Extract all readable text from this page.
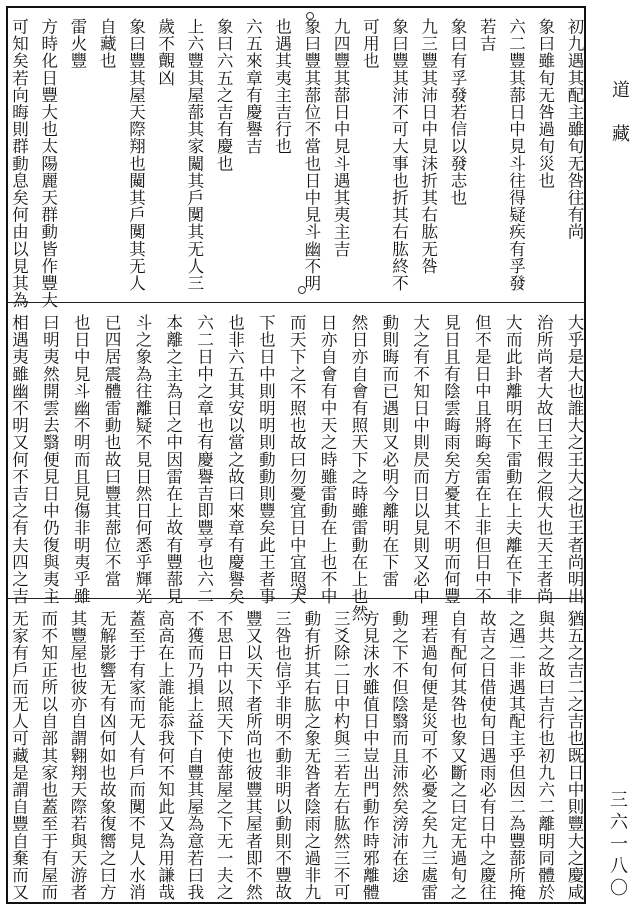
道藏
三六一八〇
初九遇其配主雖旬无咎往有尚
象曰雖旬无咎過旬災也
六二豐其蔀日中見斗往得疑疾有孚發
若吉
象曰有孚發若信以發志也
九三豐其沛日中見沬折其右肱无咎
象曰豐其沛不可大事也折其右肱終不
可用也
九四豐其蔀日中見斗遇其夷主吉
象曰豐其蔀位不當也日中見斗幽不明
也遇其夷主吉行也
六五來章有慶譽吉
象曰六五之吉有慶也
上六豐其屋蔀其家闚其戶闃其无人三
歲不覿凶
象曰豐其屋天際翔也闚其戶闃其无人
自藏也
雷火豐
方時化日豐大也太陽麗天群動皆作豐大
可知矣若向晦則群動息矣何由以見其為
大乎是大也誰大之王大之也王者尚明出
治所尚者大故曰王假之假大也天王者尚
大而此卦離明在下雷動在上夫離在下非
但不是日中且將晦矣雷在上非但日中不
見日且有陰雲晦雨矣方憂其不明而何豐
大之有不知日中則昃而日以見則又必中
動則晦而已遇則又必明今離明在下雷
然日亦自會有照天下之時雖雷動在上也然
日亦自會有中天之時雖雷動在上也不中
而天下之不照也故曰勿憂宜日中宜照天
下也日中則明明則動動則豐矣此王者事
也非六五其安以當之故曰來章有慶譽矣
六二日中之章也有慶譽吉即豐亨也六二
本離之主為日之中因雷在上故有豐蔀見
斗之象為往離疑不見日然日何悉乎輝光
已四居震體雷動也故曰豐其蔀位不當
也日中見斗幽不明而且見傷非明夷乎雖
曰明夷然開雲去翳便見日中仍復與夷主
相遇夷雖幽不明又何不吉之有夫四之吉
猶五之吉二之吉也既日中則豐大之慶咸
與共之故曰吉行也初九六二離明同體於
之遇二非遇其配主乎但因二為豐蔀所掩
故吉之日借使旬日遇雨必有日中之慶往
自有配何其咎也象又斷之曰定无過旬之
理若過旬便是災可不必憂之矣九三處雷
動之下不但陰翳而且沛然矣滂沛在途
方見沬水雖值日中豈出門動作時邪離體
三爻除二日中杓與三若左右肱然三不可
動有折其右肱之象无咎者陰雨之過非九
三咎也信乎非明不動非明以動則不豐故
豐又以天下者所尚也彼豐其屋者即不然
不思日中以照天下使蔀屋之下无一夫之
不獲而乃損上益下自豐其屋為意若曰我
高高在上誰能忝我何不知此又為用謙哉
蓋至于有家而无人有戶而闃不見人水消
无解影響无有凶何如也故象復嚮之曰方
其豐屋也彼亦自謂翱翔天際若與天游者
而不知正所以自部其家也蓋至于有屋而
无家有戶而无人可藏是謂自豐自棄而又
